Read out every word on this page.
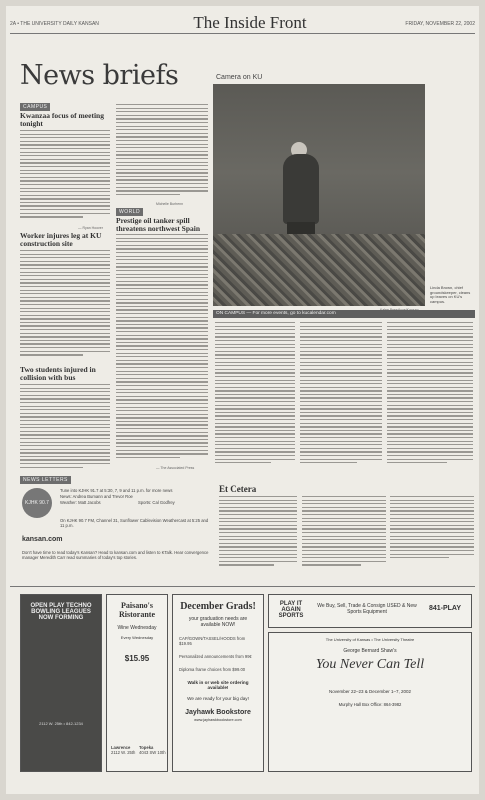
2A • THE UNIVERSITY DAILY KANSAN	The Inside Front	FRIDAY, NOVEMBER 22, 2002
News briefs
CAMPUS
Kwanzaa focus of meeting tonight
— Ryan Hoover
Worker injures leg at KU construction site
Two students injured in collision with bus
Michelle Burhenn
WORLD
Prestige oil tanker spill threatens northwest Spain
— The Associated Press
Camera on KU
Linda Brown, chief groundskeeper, cleans up leaves on KU's campus.
ON CAMPUS — For more events, go to kucalendar.com
NEWS LETTERS
KJHK 90.7
Tune into KJHK 91.7 at 5:30, 7, 9 and 11 p.m. for more news
News: Andrea Bumann and Trevor Roe
Weather: Matt Jacobs	Sports: Cal Godfrey
On KJHK 90.7 FM, Channel 31, Sunflower Cablevision Weathercast at 5:25 and 11 p.m.
kansan.com
Don't have time to read today's Kansan? Head to kansan.com and listen to KTalk. Hear convergence manager Meredith Carr read summaries of today's top stories.
Et Cetera
OPEN PLAY TECHNO BOWLING LEAGUES NOW FORMING
2112 W. 25th • 842-1234
Paisano's Ristorante
Wine Wednesday
Every Wednesday
$15.95
Lawrence
2112 W. 25th
Topeka
4043 SW 10th
December Grads!
your graduation needs are available NOW!
CAP/GOWN/TASSEL/HOODS from $19.95
Personalized announcements from 99¢
Diploma frame choices from $99.00
Walk in or web site ordering available!
We are ready for your big day!
Jayhawk Bookstore
www.jayhawkbookstore.com
PLAY IT AGAIN SPORTS
We Buy, Sell, Trade & Consign USED & New Sports Equipment	841-PLAY
The University of Kansas • The University Theatre
George Bernard Shaw's
You Never Can Tell
November 22–23 & December 1–7, 2002
Murphy Hall Box Office: 864-3982
